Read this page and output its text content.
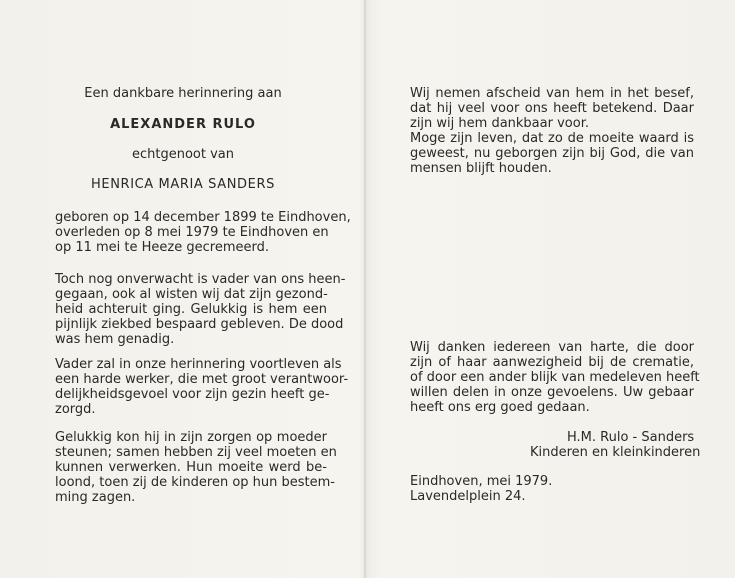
Een dankbare herinnering aan
ALEXANDER RULO
echtgenoot van
HENRICA MARIA SANDERS
geboren op 14 december 1899 te Eindhoven,
overleden op 8 mei 1979 te Eindhoven en
op 11 mei te Heeze gecremeerd.
Toch nog onverwacht is vader van ons heen-
gegaan, ook al wisten wij dat zijn gezond-
heid achteruit ging. Gelukkig is hem een
pijnlijk ziekbed bespaard gebleven. De dood
was hem genadig.
Vader zal in onze herinnering voortleven als
een harde werker, die met groot verantwoor-
delijkheidsgevoel voor zijn gezin heeft ge-
zorgd.
Gelukkig kon hij in zijn zorgen op moeder
steunen; samen hebben zij veel moeten en
kunnen verwerken. Hun moeite werd be-
loond, toen zij de kinderen op hun bestem-
ming zagen.
Wij nemen afscheid van hem in het besef,
dat hij veel voor ons heeft betekend. Daar
zijn wij hem dankbaar voor.
Moge zijn leven, dat zo de moeite waard is
geweest, nu geborgen zijn bij God, die van
mensen blijft houden.
Wij danken iedereen van harte, die door
zijn of haar aanwezigheid bij de crematie,
of door een ander blijk van medeleven heeft
willen delen in onze gevoelens. Uw gebaar
heeft ons erg goed gedaan.
H.M. Rulo - Sanders
Kinderen en kleinkinderen
Eindhoven, mei 1979.
Lavendelplein 24.
